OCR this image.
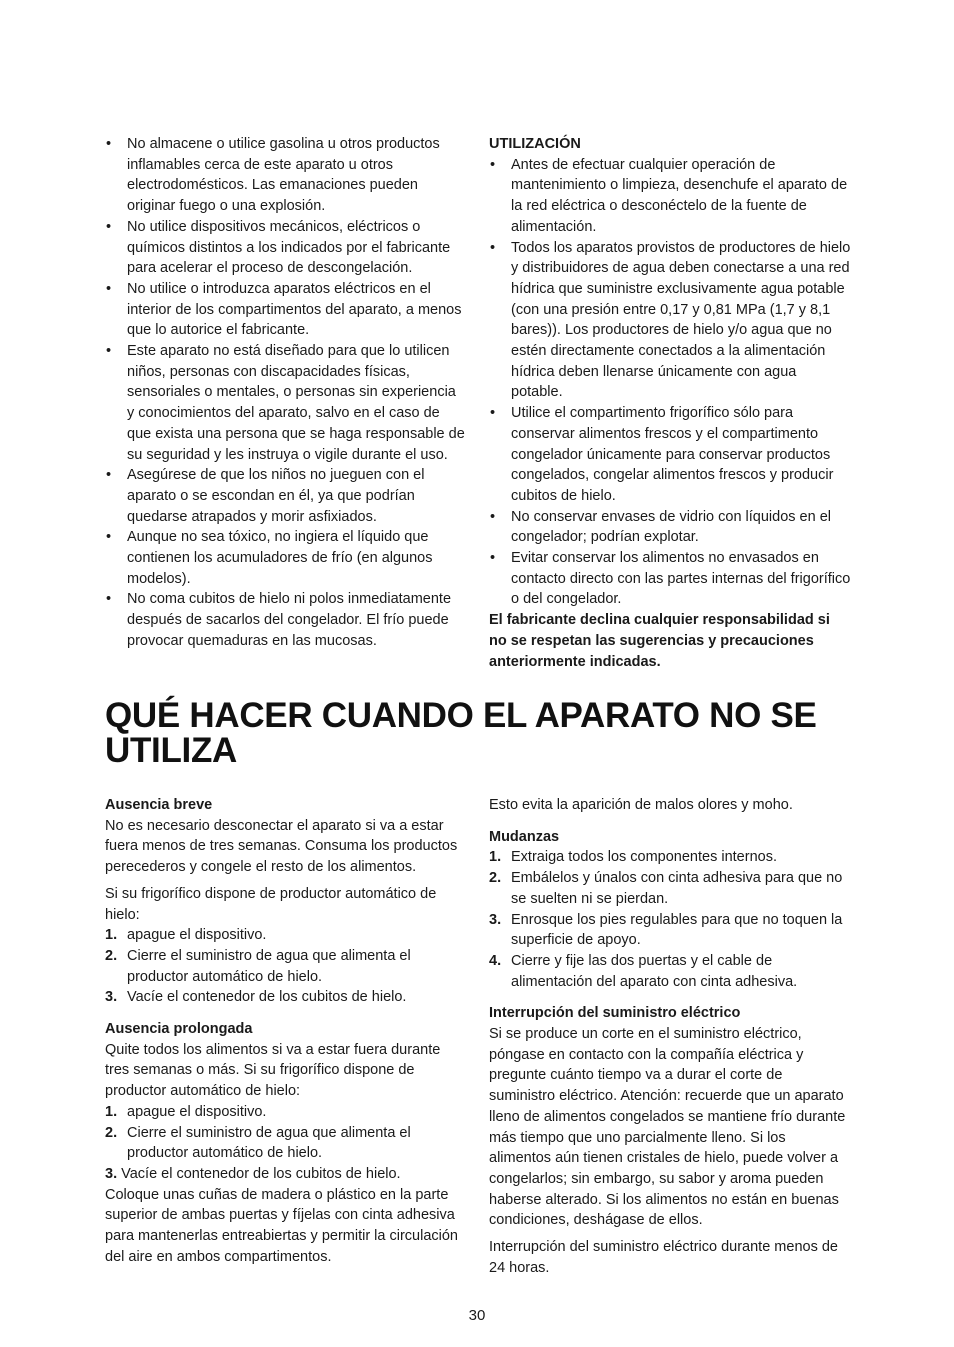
• No almacene o utilice gasolina u otros productos inflamables cerca de este aparato u otros electrodomésticos. Las emanaciones pueden originar fuego o una explosión.
• No utilice dispositivos mecánicos, eléctricos o químicos distintos a los indicados por el fabricante para acelerar el proceso de descongelación.
• No utilice o introduzca aparatos eléctricos en el interior de los compartimentos del aparato, a menos que lo autorice el fabricante.
• Este aparato no está diseñado para que lo utilicen niños, personas con discapacidades físicas, sensoriales o mentales, o personas sin experiencia y conocimientos del aparato, salvo en el caso de que exista una persona que se haga responsable de su seguridad y les instruya o vigile durante el uso.
• Asegúrese de que los niños no jueguen con el aparato o se escondan en él, ya que podrían quedarse atrapados y morir asfixiados.
• Aunque no sea tóxico, no ingiera el líquido que contienen los acumuladores de frío (en algunos modelos).
• No coma cubitos de hielo ni polos inmediatamente después de sacarlos del congelador. El frío puede provocar quemaduras en las mucosas.

UTILIZACIÓN

• Antes de efectuar cualquier operación de mantenimiento o limpieza, desenchufe el aparato de la red eléctrica o desconéctelo de la fuente de alimentación.
• Todos los aparatos provistos de productores de hielo y distribuidores de agua deben conectarse a una red hídrica que suministre exclusivamente agua potable (con una presión entre 0,17 y 0,81 MPa (1,7 y 8,1 bares)). Los productores de hielo y/o agua que no estén directamente conectados a la alimentación hídrica deben llenarse únicamente con agua potable.
• Utilice el compartimento frigorífico sólo para conservar alimentos frescos y el compartimento congelador únicamente para conservar productos congelados, congelar alimentos frescos y producir cubitos de hielo.
• No conservar envases de vidrio con líquidos en el congelador; podrían explotar.
• Evitar conservar los alimentos no envasados en contacto directo con las partes internas del frigorífico o del congelador.

El fabricante declina cualquier responsabilidad si no se respetan las sugerencias y precauciones anteriormente indicadas.

QUÉ HACER CUANDO EL APARATO NO SE UTILIZA

Ausencia breve

No es necesario desconectar el aparato si va a estar fuera menos de tres semanas. Consuma los productos perecederos y congele el resto de los alimentos.

Si su frigorífico dispone de productor automático de hielo:

1. apague el dispositivo.
2. Cierre el suministro de agua que alimenta el productor automático de hielo.
3. Vacíe el contenedor de los cubitos de hielo.

Ausencia prolongada

Quite todos los alimentos si va a estar fuera durante tres semanas o más. Si su frigorífico dispone de productor automático de hielo:

1. apague el dispositivo.
2. Cierre el suministro de agua que alimenta el productor automático de hielo.

3. Vacíe el contenedor de los cubitos de hielo.

Coloque unas cuñas de madera o plástico en la parte superior de ambas puertas y fíjelas con cinta adhesiva para mantenerlas entreabiertas y permitir la circulación del aire en ambos compartimentos.

Esto evita la aparición de malos olores y moho.

Mudanzas

1. Extraiga todos los componentes internos.
2. Embálelos y únalos con cinta adhesiva para que no se suelten ni se pierdan.
3. Enrosque los pies regulables para que no toquen la superficie de apoyo.
4. Cierre y fije las dos puertas y el cable de alimentación del aparato con cinta adhesiva.

Interrupción del suministro eléctrico

Si se produce un corte en el suministro eléctrico, póngase en contacto con la compañía eléctrica y pregunte cuánto tiempo va a durar el corte de suministro eléctrico. Atención: recuerde que un aparato lleno de alimentos congelados se mantiene frío durante más tiempo que uno parcialmente lleno. Si los alimentos aún tienen cristales de hielo, puede volver a congelarlos; sin embargo, su sabor y aroma pueden haberse alterado. Si los alimentos no están en buenas condiciones, deshágase de ellos.

Interrupción del suministro eléctrico durante menos de 24 horas.

30
